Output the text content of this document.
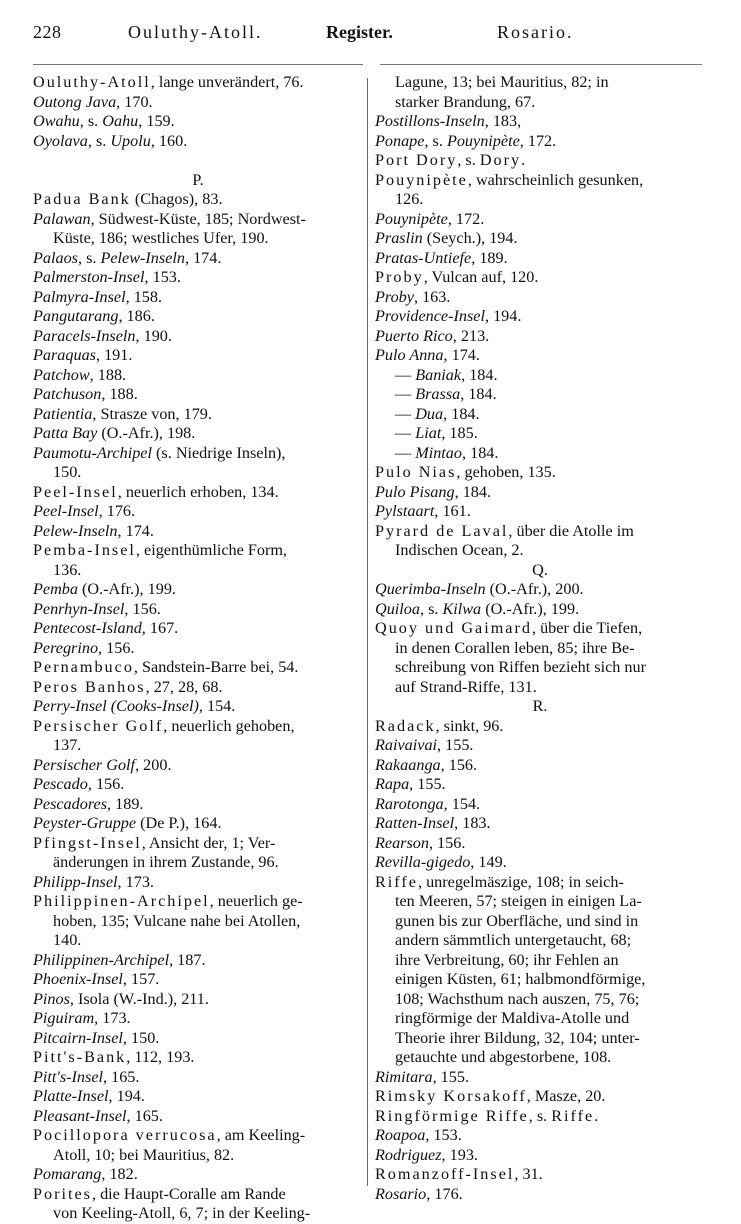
228	Ouluthy-Atoll.	Register.	Rosario.
Ouluthy-Atoll, lange unverändert, 76.
Outong Java, 170.
Owahu, s. Oahu, 159.
Oyolava, s. Upolu, 160.
P.
Padua Bank (Chagos), 83.
Palawan, Südwest-Küste, 185; Nordwest-
Küste, 186; westliches Ufer, 190.
Palaos, s. Pelew-Inseln, 174.
Palmerston-Insel, 153.
Palmyra-Insel, 158.
Pangutarang, 186.
Paracels-Inseln, 190.
Paraquas, 191.
Patchow, 188.
Patchuson, 188.
Patientia, Strasze von, 179.
Patta Bay (O.-Afr.), 198.
Paumotu-Archipel (s. Niedrige Inseln),
150.
Peel-Insel, neuerlich erhoben, 134.
Peel-Insel, 176.
Pelew-Inseln, 174.
Pemba-Insel, eigenthümliche Form,
136.
Pemba (O.-Afr.), 199.
Penrhyn-Insel, 156.
Pentecost-Island, 167.
Peregrino, 156.
Pernambuco, Sandstein-Barre bei, 54.
Peros Banhos, 27, 28, 68.
Perry-Insel (Cooks-Insel), 154.
Persischer Golf, neuerlich gehoben,
137.
Persischer Golf, 200.
Pescado, 156.
Pescadores, 189.
Peyster-Gruppe (De P.), 164.
Pfingst-Insel, Ansicht der, 1; Ver-
änderungen in ihrem Zustande, 96.
Philipp-Insel, 173.
Philippinen-Archipel, neuerlich ge-
hoben, 135; Vulcane nahe bei Atollen,
140.
Philippinen-Archipel, 187.
Phoenix-Insel, 157.
Pinos, Isola (W.-Ind.), 211.
Piguiram, 173.
Pitcairn-Insel, 150.
Pitt's-Bank, 112, 193.
Pitt's-Insel, 165.
Platte-Insel, 194.
Pleasant-Insel, 165.
Pocillopora verrucosa, am Keeling-
Atoll, 10; bei Mauritius, 82.
Pomarang, 182.
Porites, die Haupt-Coralle am Rande
von Keeling-Atoll, 6, 7; in der Keeling-
Lagune, 13; bei Mauritius, 82; in
starker Brandung, 67.
Postillons-Inseln, 183,
Ponape, s. Pouynipète, 172.
Port Dory, s. Dory.
Pouynipète, wahrscheinlich gesunken,
126.
Pouynipète, 172.
Praslin (Seych.), 194.
Pratas-Untiefe, 189.
Proby, Vulcan auf, 120.
Proby, 163.
Providence-Insel, 194.
Puerto Rico, 213.
Pulo Anna, 174.
— Baniak, 184.
— Brassa, 184.
— Dua, 184.
— Liat, 185.
— Mintao, 184.
Pulo Nias, gehoben, 135.
Pulo Pisang, 184.
Pylstaart, 161.
Pyrard de Laval, über die Atolle im
Indischen Ocean, 2.
Q.
Querimba-Inseln (O.-Afr.), 200.
Quiloa, s. Kilwa (O.-Afr.), 199.
Quoy und Gaimard, über die Tiefen,
in denen Corallen leben, 85; ihre Be-
schreibung von Riffen bezieht sich nur
auf Strand-Riffe, 131.
R.
Radack, sinkt, 96.
Raivaivai, 155.
Rakaanga, 156.
Rapa, 155.
Rarotonga, 154.
Ratten-Insel, 183.
Rearson, 156.
Revilla-gigedo, 149.
Riffe, unregelmäszige, 108; in seich-
ten Meeren, 57; steigen in einigen La-
gunen bis zur Oberfläche, und sind in
andern sämmtlich untergetaucht, 68;
ihre Verbreitung, 60; ihr Fehlen an
einigen Küsten, 61; halbmondförmige,
108; Wachsthum nach auszen, 75, 76;
ringförmige der Maldiva-Atolle und
Theorie ihrer Bildung, 32, 104; unter-
getauchte und abgestorbene, 108.
Rimitara, 155.
Rimsky Korsakoff, Masze, 20.
Ringförmige Riffe, s. Riffe.
Roapoa, 153.
Rodriguez, 193.
Romanzoff-Insel, 31.
Rosario, 176.
